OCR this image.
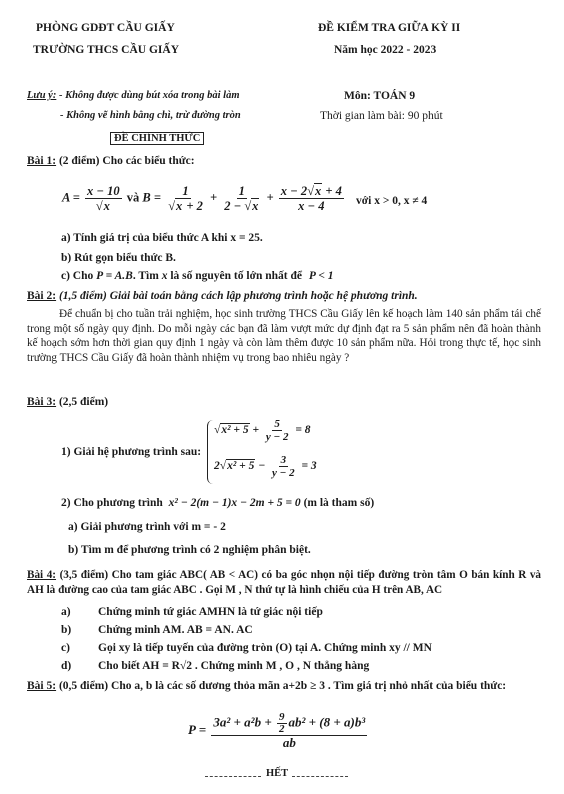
PHÒNG GDĐT CẦU GIẤY
TRƯỜNG THCS CẦU GIẤY
ĐỀ KIỂM TRA GIỮA KỲ II
Năm học 2022 - 2023
Lưu ý: - Không được dùng bút xóa trong bài làm
- Không vẽ hình bằng chì, trừ đường tròn
Môn: TOÁN 9
Thời gian làm bài: 90 phút
ĐỀ CHÍNH THỨC
Bài 1: (2 điểm) Cho các biểu thức:
$A = \frac{x - 10}{√x}$ và $B = \frac{1}{√x + 2} + \frac{1}{2 - √x} + \frac{x - 2√x + 4}{x - 4}$ với x > 0, x ≠ 4
a) Tính giá trị của biểu thức A khi x = 25.
b) Rút gọn biểu thức B.
c) Cho P = A.B. Tìm x là số nguyên tố lớn nhất để P < 1
Bài 2: (1,5 điểm) Giải bài toán bằng cách lập phương trình hoặc hệ phương trình.
Để chuẩn bị cho tuần trải nghiệm, học sinh trường THCS Cầu Giấy lên kế hoạch làm 140 sản phẩm tái chế trong một số ngày quy định. Do mỗi ngày các bạn đã làm vượt mức dự định đạt ra 5 sản phẩm nên đã hoàn thành kế hoạch sớm hơn thời gian quy định 1 ngày và còn làm thêm được 10 sản phẩm nữa. Hỏi trong thực tế, học sinh trường THCS Cầu Giấy đã hoàn thành nhiệm vụ trong bao nhiêu ngày ?
Bài 3: (2,5 điểm)
1) Giải hệ phương trình sau:
$√x^2 + 5 + \frac{5}{y - 2} = 8$
$2√x^2 + 5 - \frac{3}{y - 2} = 3$
2) Cho phương trình x² − 2(m − 1)x − 2m + 5 = 0 (m là tham số)
a) Giải phương trình với m = - 2
b) Tìm m để phương trình có 2 nghiệm phân biệt.
Bài 4: (3,5 điểm) Cho tam giác ABC( AB < AC) có ba góc nhọn nội tiếp đường tròn tâm O bán kính R và AH là đường cao của tam giác ABC . Gọi M , N thứ tự là hình chiếu của H trên AB, AC
a) Chứng minh tứ giác AMHN là tứ giác nội tiếp
b) Chứng minh AM. AB = AN. AC
c) Gọi xy là tiếp tuyến của đường tròn (O) tại A. Chứng minh xy // MN
d) Cho biết AH = R√2 . Chứng minh M , O , N thẳng hàng
Bài 5: (0,5 điểm) Cho a, b là các số dương thỏa mãn a+2b ≥ 3 . Tìm giá trị nhỏ nhất của biểu thức:
$P = \frac{3a^2 + a^2b + \frac{9}{2} ab^2 + (8 + a)b^3}{ab}$
HẾT
